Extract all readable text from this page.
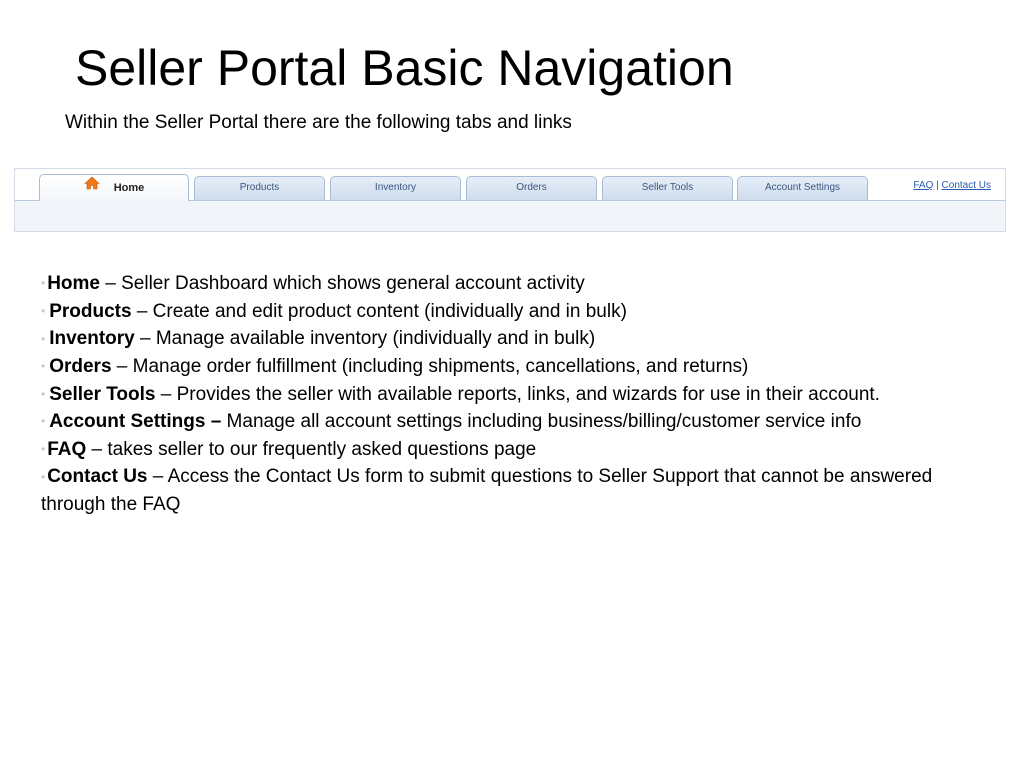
Seller Portal Basic Navigation
Within the Seller Portal there are the following tabs and links
Home	Products	Inventory	Orders	Seller Tools	Account Settings	FAQ | Contact Us
• Home – Seller Dashboard which shows general account activity
• Products – Create and edit product content (individually and in bulk)
• Inventory – Manage available inventory (individually and in bulk)
• Orders – Manage order fulfillment (including shipments, cancellations, and returns)
• Seller Tools – Provides the seller with available reports, links, and wizards for use in their account.
• Account Settings – Manage all account settings including business/billing/customer service info
• FAQ – takes seller to our frequently asked questions page
• Contact Us – Access the Contact Us form to submit questions to Seller Support that cannot be answered through the FAQ
